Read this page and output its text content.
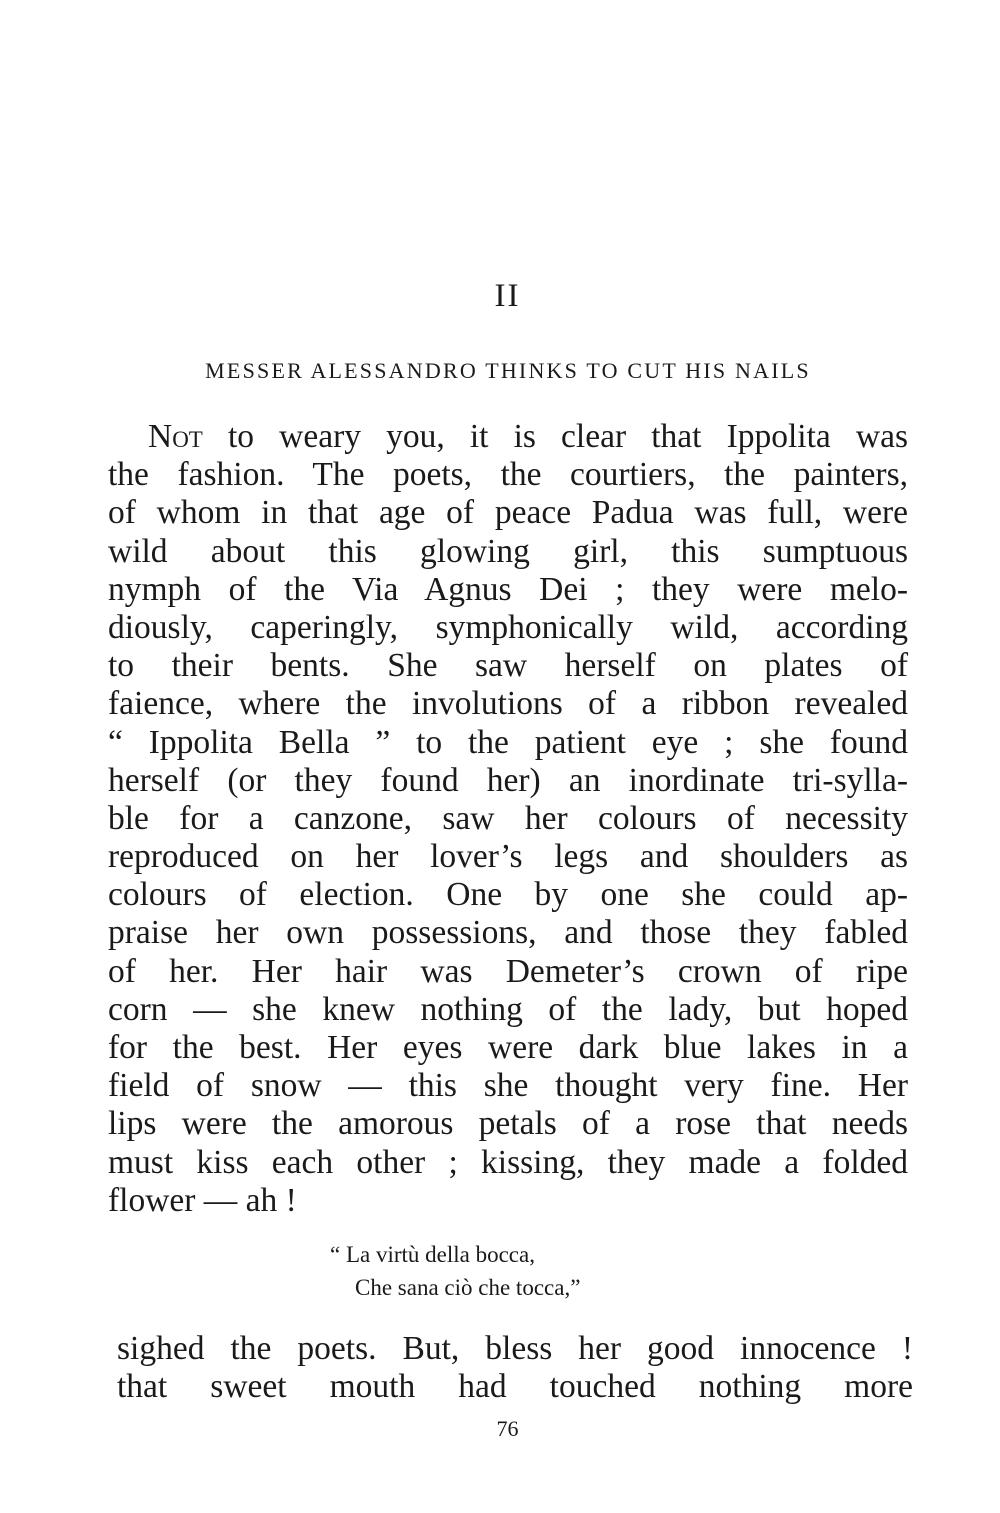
II
MESSER ALESSANDRO THINKS TO CUT HIS NAILS
Not to weary you, it is clear that Ippolita was
the fashion. The poets, the courtiers, the painters,
of whom in that age of peace Padua was full, were
wild about this glowing girl, this sumptuous
nymph of the Via Agnus Dei ; they were melo-
diously, caperingly, symphonically wild, according
to their bents. She saw herself on plates of
faience, where the involutions of a ribbon revealed
“ Ippolita Bella ” to the patient eye ; she found
herself (or they found her) an inordinate tri-sylla-
ble for a canzone, saw her colours of necessity
reproduced on her lover’s legs and shoulders as
colours of election. One by one she could ap-
praise her own possessions, and those they fabled
of her. Her hair was Demeter’s crown of ripe
corn — she knew nothing of the lady, but hoped
for the best. Her eyes were dark blue lakes in a
field of snow — this she thought very fine. Her
lips were the amorous petals of a rose that needs
must kiss each other ; kissing, they made a folded
flower — ah !
“ La virtù della bocca,
Che sana ciò che tocca,”
sighed the poets. But, bless her good innocence !
that sweet mouth had touched nothing more
76
